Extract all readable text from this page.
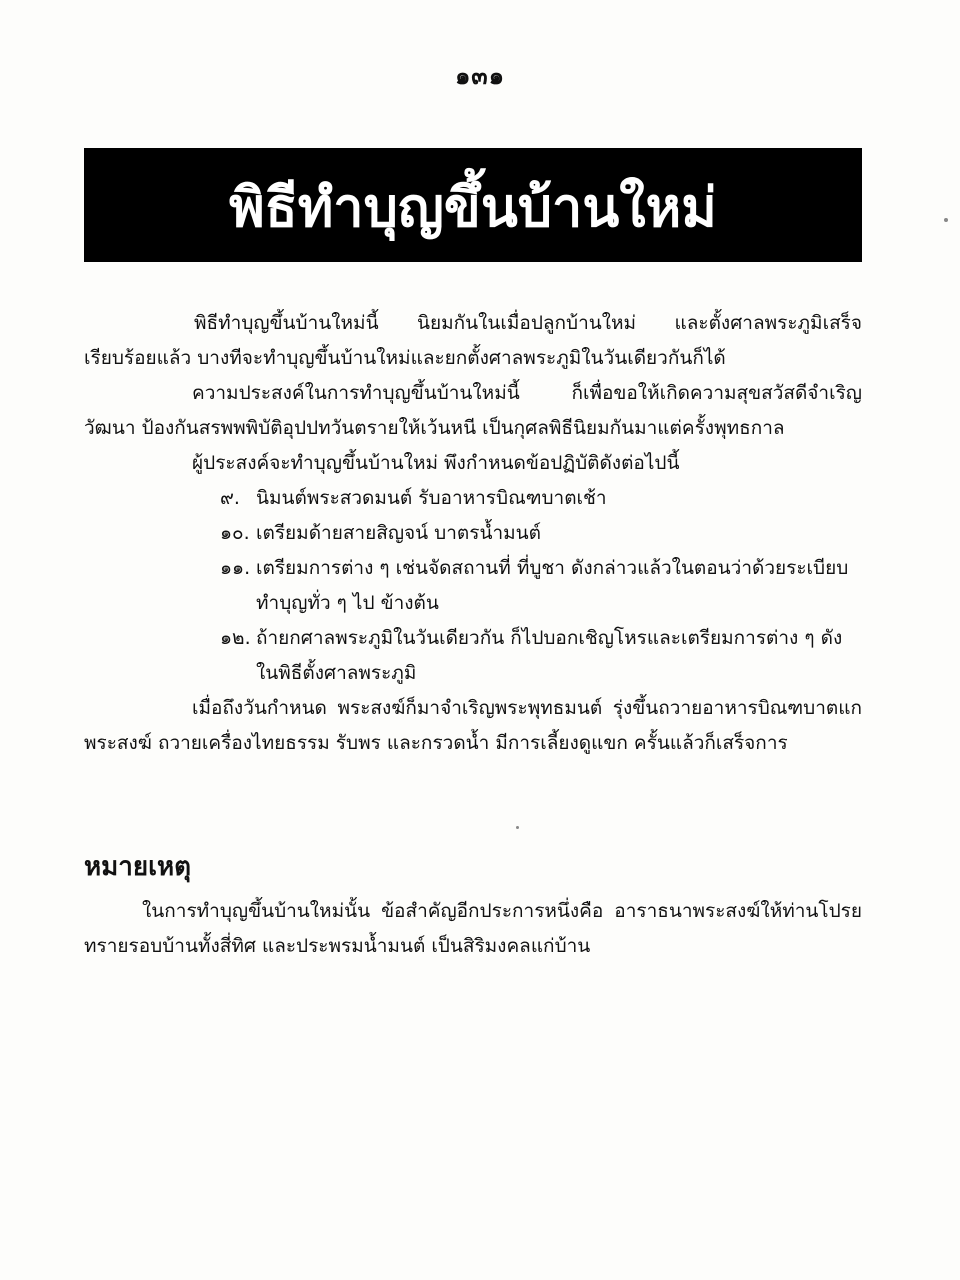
๑๓๑
พิธีทำบุญขึ้นบ้านใหม่

พิธีทำบุญขึ้นบ้านใหม่นี้ นิยมกันในเมื่อปลูกบ้านใหม่ และตั้งศาลพระภูมิเสร็จเรียบร้อยแล้ว บางทีจะทำบุญขึ้นบ้านใหม่และยกตั้งศาลพระภูมิในวันเดียวกันก็ได้

ความประสงค์ในการทำบุญขึ้นบ้านใหม่นี้ ก็เพื่อขอให้เกิดความสุขสวัสดีจำเริญวัฒนา ป้องกันสรพพพิบัติอุปปทวันตรายให้เว้นหนี เป็นกุศลพิธีนิยมกันมาแต่ครั้งพุทธกาล

ผู้ประสงค์จะทำบุญขึ้นบ้านใหม่ พึงกำหนดข้อปฏิบัติดังต่อไปนี้

๙. นิมนต์พระสวดมนต์ รับอาหารบิณฑบาตเช้า
๑๐. เตรียมด้ายสายสิญจน์ บาตรน้ำมนต์
๑๑. เตรียมการต่าง ๆ เช่นจัดสถานที่ ที่บูชา ดังกล่าวแล้วในตอนว่าด้วยระเบียบทำบุญทั่ว ๆ ไป ข้างต้น
๑๒. ถ้ายกศาลพระภูมิในวันเดียวกัน ก็ไปบอกเชิญโหรและเตรียมการต่าง ๆ ดังในพิธีตั้งศาลพระภูมิ

เมื่อถึงวันกำหนด พระสงฆ์ก็มาจำเริญพระพุทธมนต์ รุ่งขึ้นถวายอาหารบิณฑบาตแกพระสงฆ์ ถวายเครื่องไทยธรรม รับพร และกรวดน้ำ มีการเลี้ยงดูแขก ครั้นแล้วก็เสร็จการ

หมายเหตุ

ในการทำบุญขึ้นบ้านใหม่นั้น ข้อสำคัญอีกประการหนึ่งคือ อาราธนาพระสงฆ์ให้ท่านโปรยทรายรอบบ้านทั้งสี่ทิศ และประพรมน้ำมนต์ เป็นสิริมงคลแก่บ้าน
